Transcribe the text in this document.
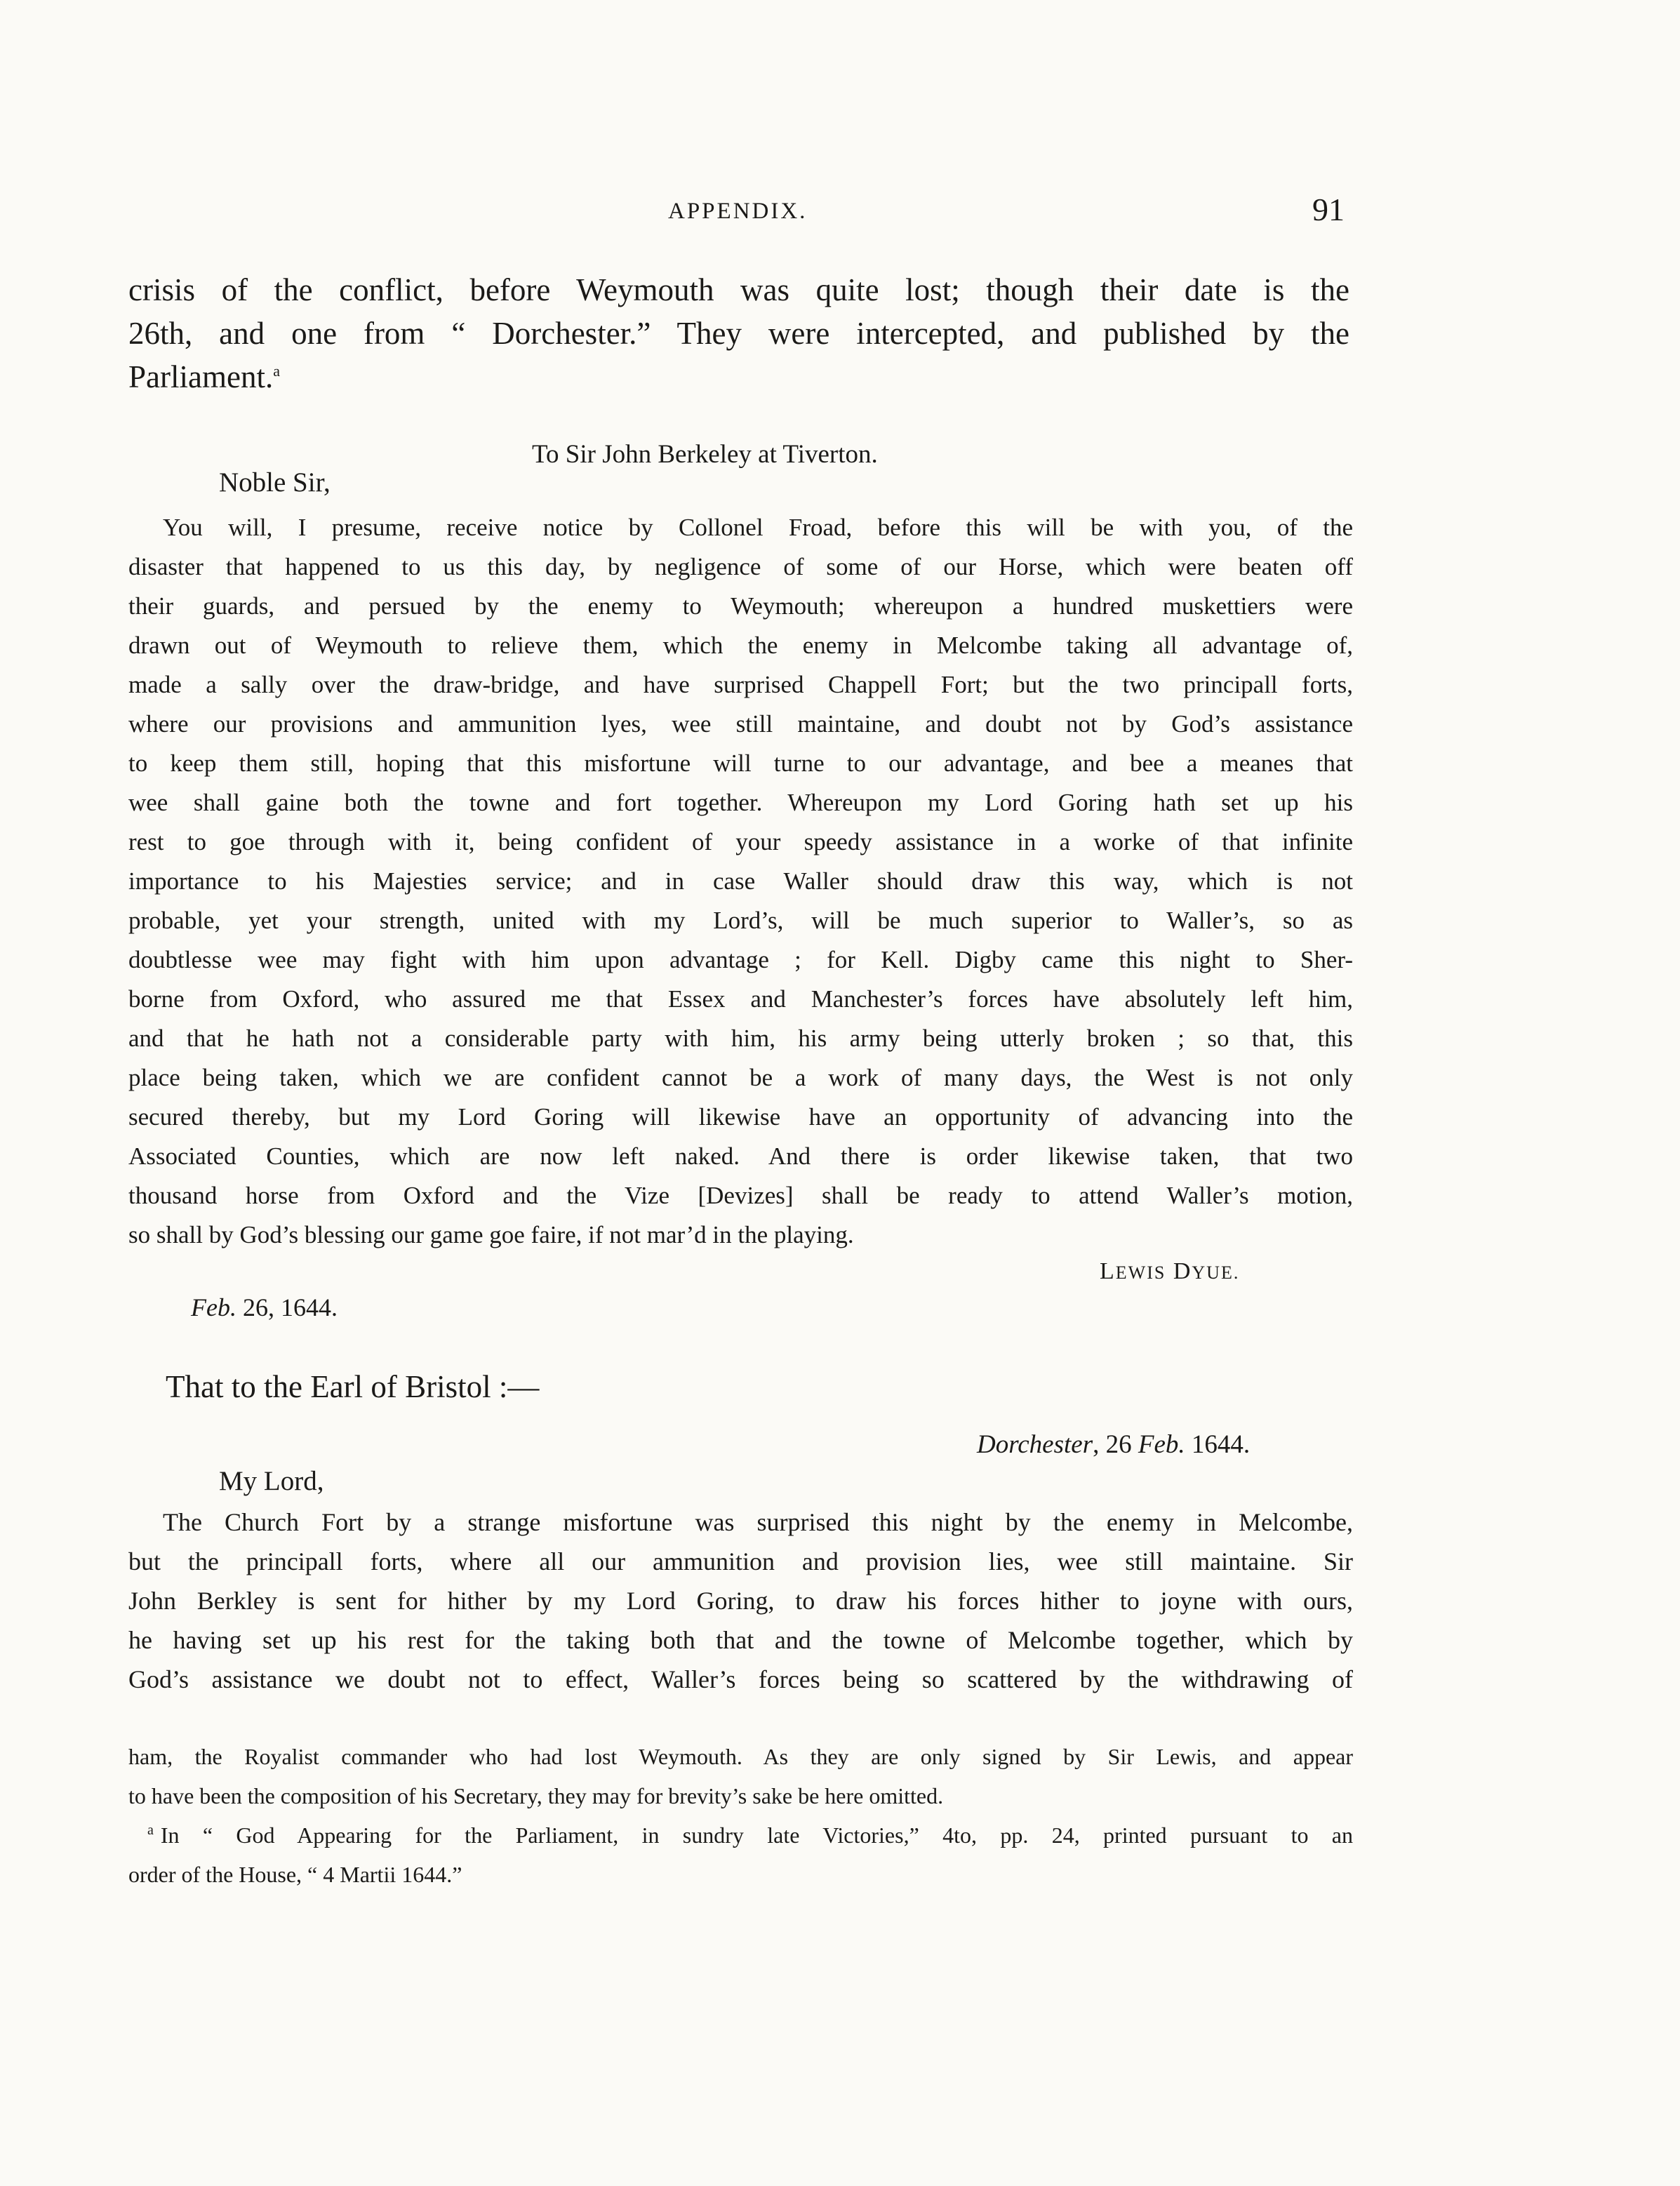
APPENDIX.	91
crisis of the conflict, before Weymouth was quite lost; though their date is the
26th, and one from “ Dorchester.” They were intercepted, and published by the
Parliament.$^a$
To Sir John Berkeley at Tiverton.
Noble Sir,
You will, I presume, receive notice by Collonel Froad, before this will be with you, of the
disaster that happened to us this day, by negligence of some of our Horse, which were beaten off
their guards, and persued by the enemy to Weymouth; whereupon a hundred muskettiers were
drawn out of Weymouth to relieve them, which the enemy in Melcombe taking all advantage of,
made a sally over the draw-bridge, and have surprised Chappell Fort; but the two principall forts,
where our provisions and ammunition lyes, wee still maintaine, and doubt not by God’s assistance
to keep them still, hoping that this misfortune will turne to our advantage, and bee a meanes that
wee shall gaine both the towne and fort together. Whereupon my Lord Goring hath set up his
rest to goe through with it, being confident of your speedy assistance in a worke of that infinite
importance to his Majesties service; and in case Waller should draw this way, which is not
probable, yet your strength, united with my Lord’s, will be much superior to Waller’s, so as
doubtlesse wee may fight with him upon advantage ; for Kell. Digby came this night to Sher-
borne from Oxford, who assured me that Essex and Manchester’s forces have absolutely left him,
and that he hath not a considerable party with him, his army being utterly broken ; so that, this
place being taken, which we are confident cannot be a work of many days, the West is not only
secured thereby, but my Lord Goring will likewise have an opportunity of advancing into the
Associated Counties, which are now left naked. And there is order likewise taken, that two
thousand horse from Oxford and the Vize [Devizes] shall be ready to attend Waller’s motion,
so shall by God’s blessing our game goe faire, if not mar’d in the playing.
LEWIS DYUE.
Feb. 26, 1644.
That to the Earl of Bristol :—
Dorchester, 26 Feb. 1644.
My Lord,
The Church Fort by a strange misfortune was surprised this night by the enemy in Melcombe,
but the principall forts, where all our ammunition and provision lies, wee still maintaine. Sir
John Berkley is sent for hither by my Lord Goring, to draw his forces hither to joyne with ours,
he having set up his rest for the taking both that and the towne of Melcombe together, which by
God’s assistance we doubt not to effect, Waller’s forces being so scattered by the withdrawing of
ham, the Royalist commander who had lost Weymouth. As they are only signed by Sir Lewis, and appear
to have been the composition of his Secretary, they may for brevity’s sake be here omitted.
$^a$ In “ God Appearing for the Parliament, in sundry late Victories,” 4to, pp. 24, printed pursuant to an
order of the House, “ 4 Martii 1644.”
